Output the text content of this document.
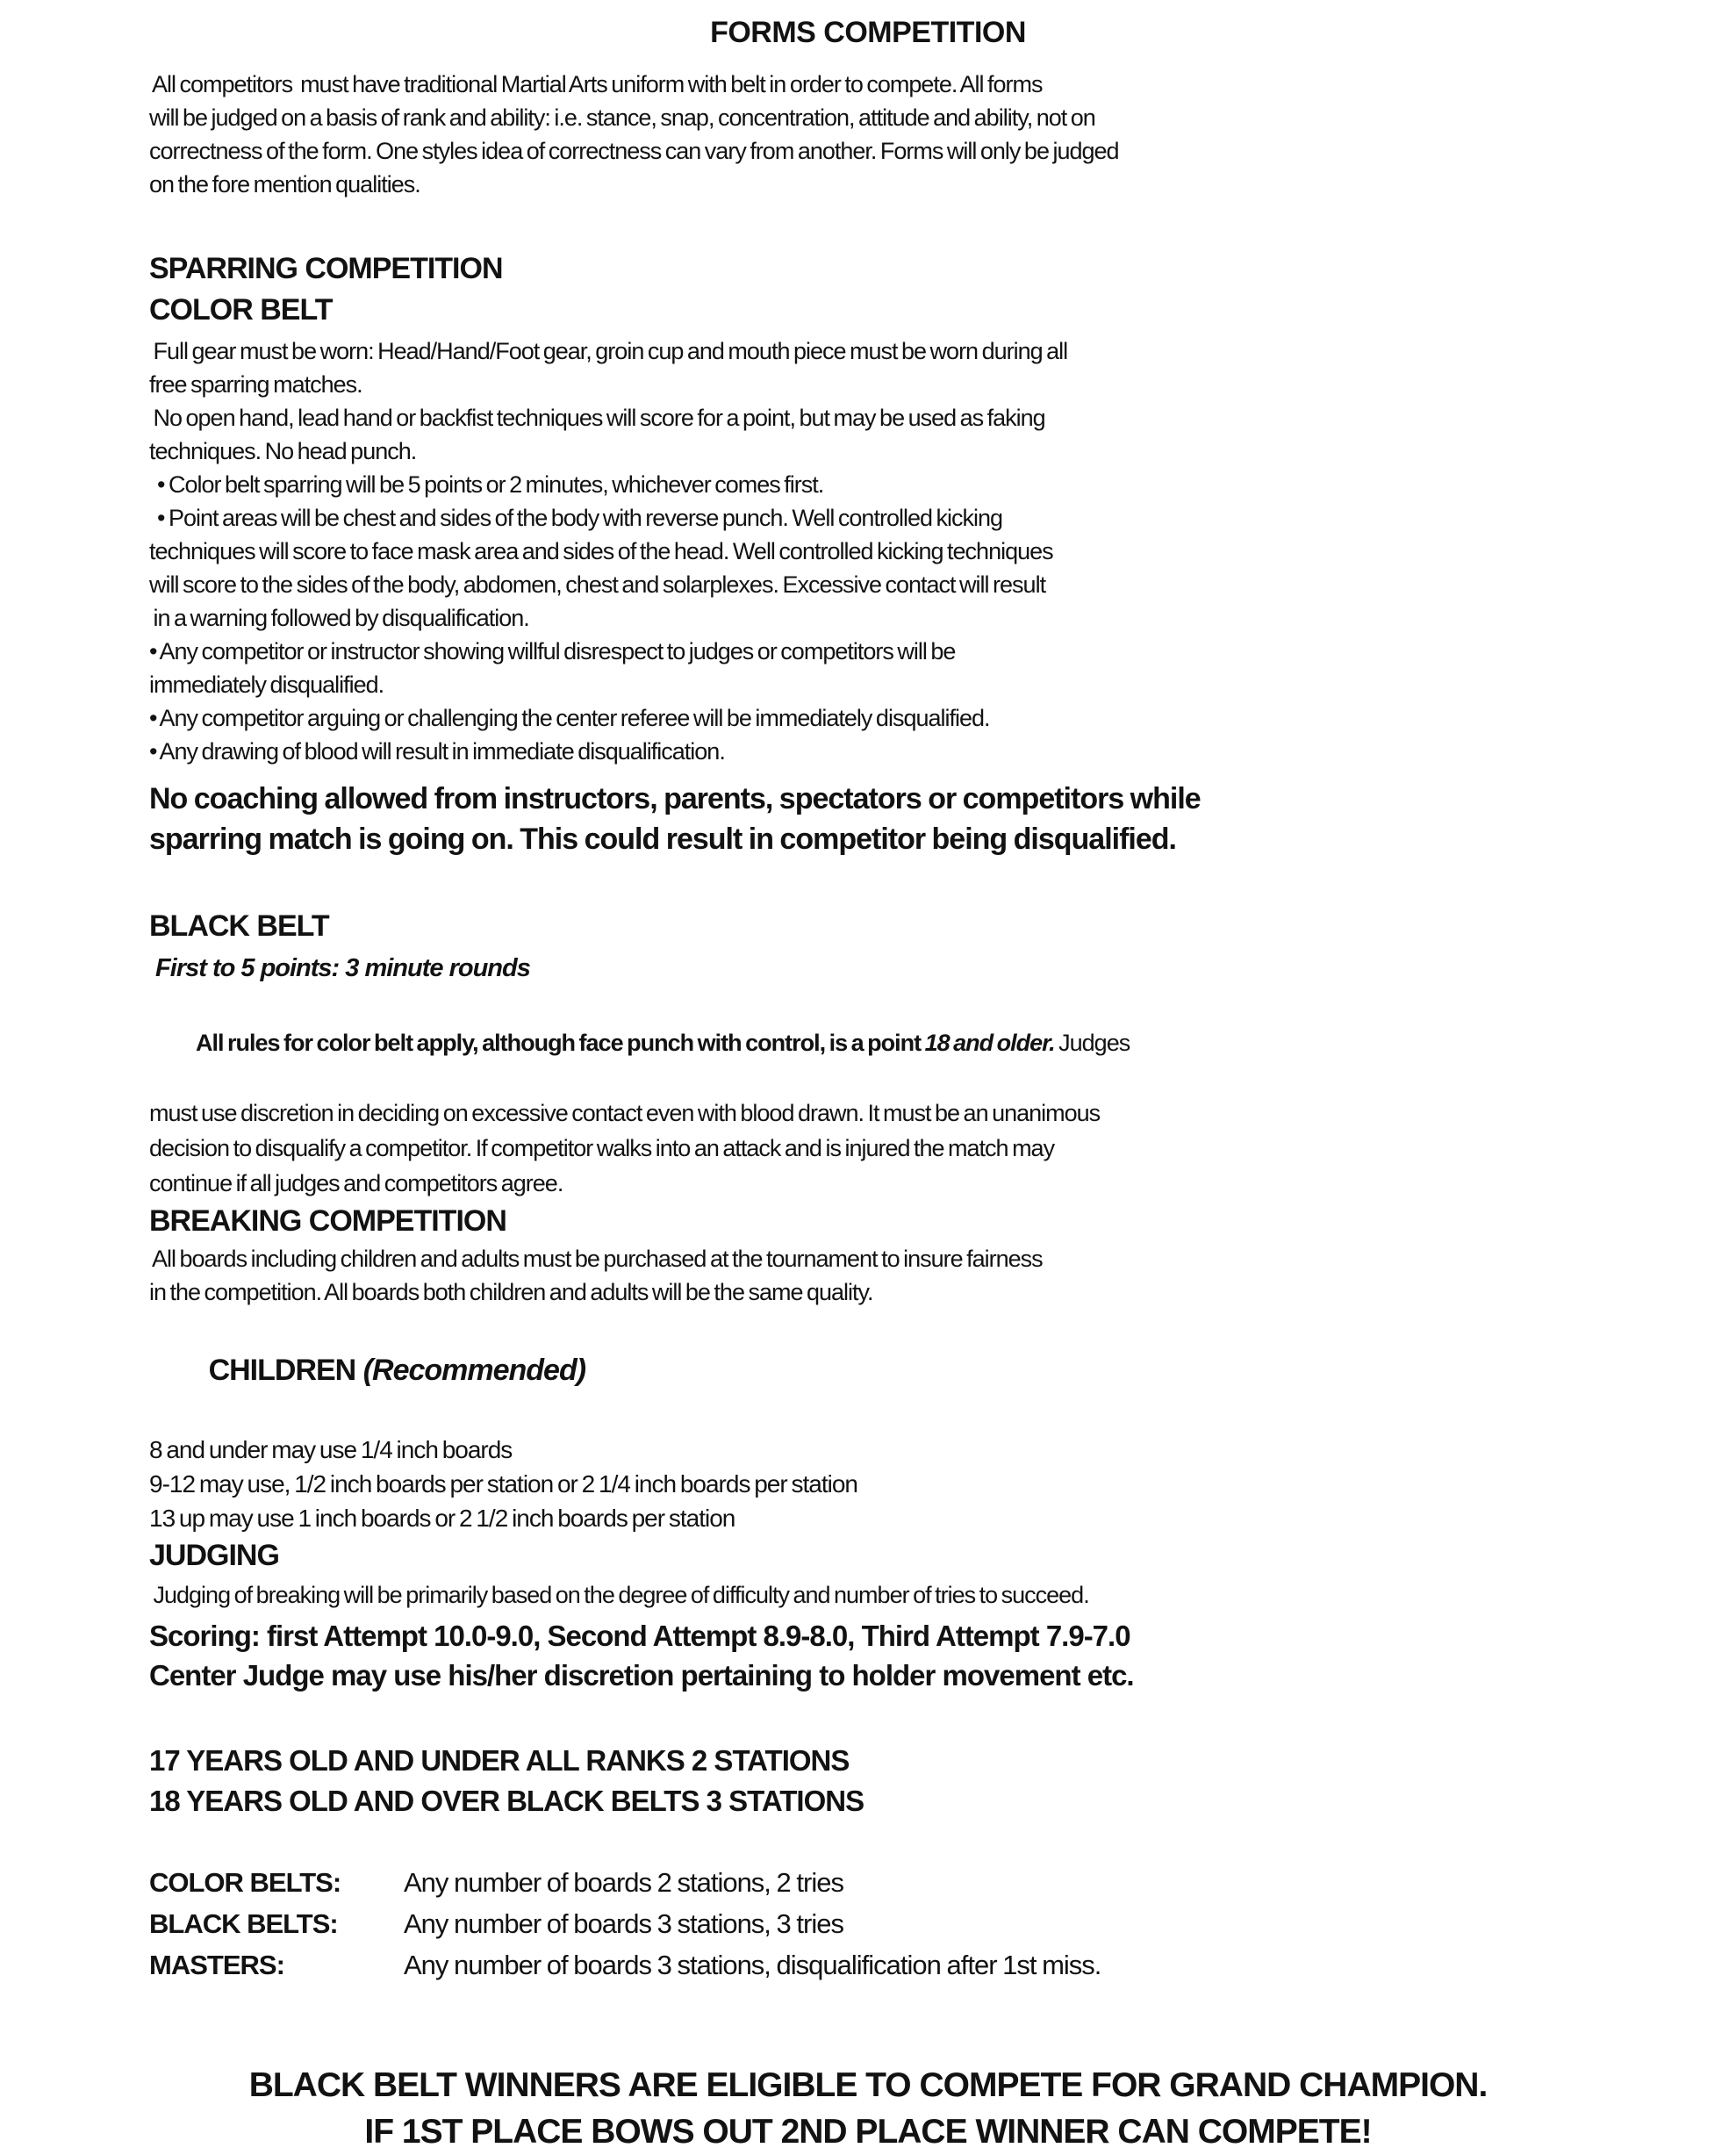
FORMS COMPETITION
All competitors  must have traditional Martial Arts uniform with belt in order to compete. All forms
will be judged on a basis of rank and ability: i.e. stance, snap, concentration, attitude and ability, not on
correctness of the form. One styles idea of correctness can vary from another. Forms will only be judged
on the fore mention qualities.
SPARRING COMPETITION
COLOR BELT
Full gear must be worn: Head/Hand/Foot gear, groin cup and mouth piece must be worn during all
free sparring matches.
No open hand, lead hand or backfist techniques will score for a point, but may be used as faking
techniques. No head punch.
• Color belt sparring will be 5 points or 2 minutes, whichever comes first.
• Point areas will be chest and sides of the body with reverse punch. Well controlled kicking
techniques will score to face mask area and sides of the head. Well controlled kicking techniques
will score to the sides of the body, abdomen, chest and solarplexes. Excessive contact will result
in a warning followed by disqualification.
• Any competitor or instructor showing willful disrespect to judges or competitors will be
immediately disqualified.
• Any competitor arguing or challenging the center referee will be immediately disqualified.
• Any drawing of blood will result in immediate disqualification.
No coaching allowed from instructors, parents, spectators or competitors while
sparring match is going on. This could result in competitor being disqualified.
BLACK BELT
First to 5 points: 3 minute rounds

All rules for color belt apply, although face punch with control, is a point 18 and older. Judges

must use discretion in deciding on excessive contact even with blood drawn. It must be an unanimous
decision to disqualify a competitor. If competitor walks into an attack and is injured the match may
continue if all judges and competitors agree.
BREAKING COMPETITION
All boards including children and adults must be purchased at the tournament to insure fairness
in the competition. All boards both children and adults will be the same quality.

CHILDREN (Recommended)

8 and under may use 1/4 inch boards
9-12 may use, 1/2 inch boards per station or 2 1/4 inch boards per station
13 up may use 1 inch boards or 2 1/2 inch boards per station
JUDGING
Judging of breaking will be primarily based on the degree of difficulty and number of tries to succeed.
Scoring: first Attempt 10.0-9.0, Second Attempt 8.9-8.0, Third Attempt 7.9-7.0
Center Judge may use his/her discretion pertaining to holder movement etc.
17 YEARS OLD AND UNDER ALL RANKS 2 STATIONS
18 YEARS OLD AND OVER BLACK BELTS 3 STATIONS
COLOR BELTS:	Any number of boards 2 stations, 2 tries
BLACK BELTS:	Any number of boards 3 stations, 3 tries
MASTERS:	Any number of boards 3 stations, disqualification after 1st miss.
BLACK BELT WINNERS ARE ELIGIBLE TO COMPETE FOR GRAND CHAMPION.
IF 1ST PLACE BOWS OUT 2ND PLACE WINNER CAN COMPETE!
